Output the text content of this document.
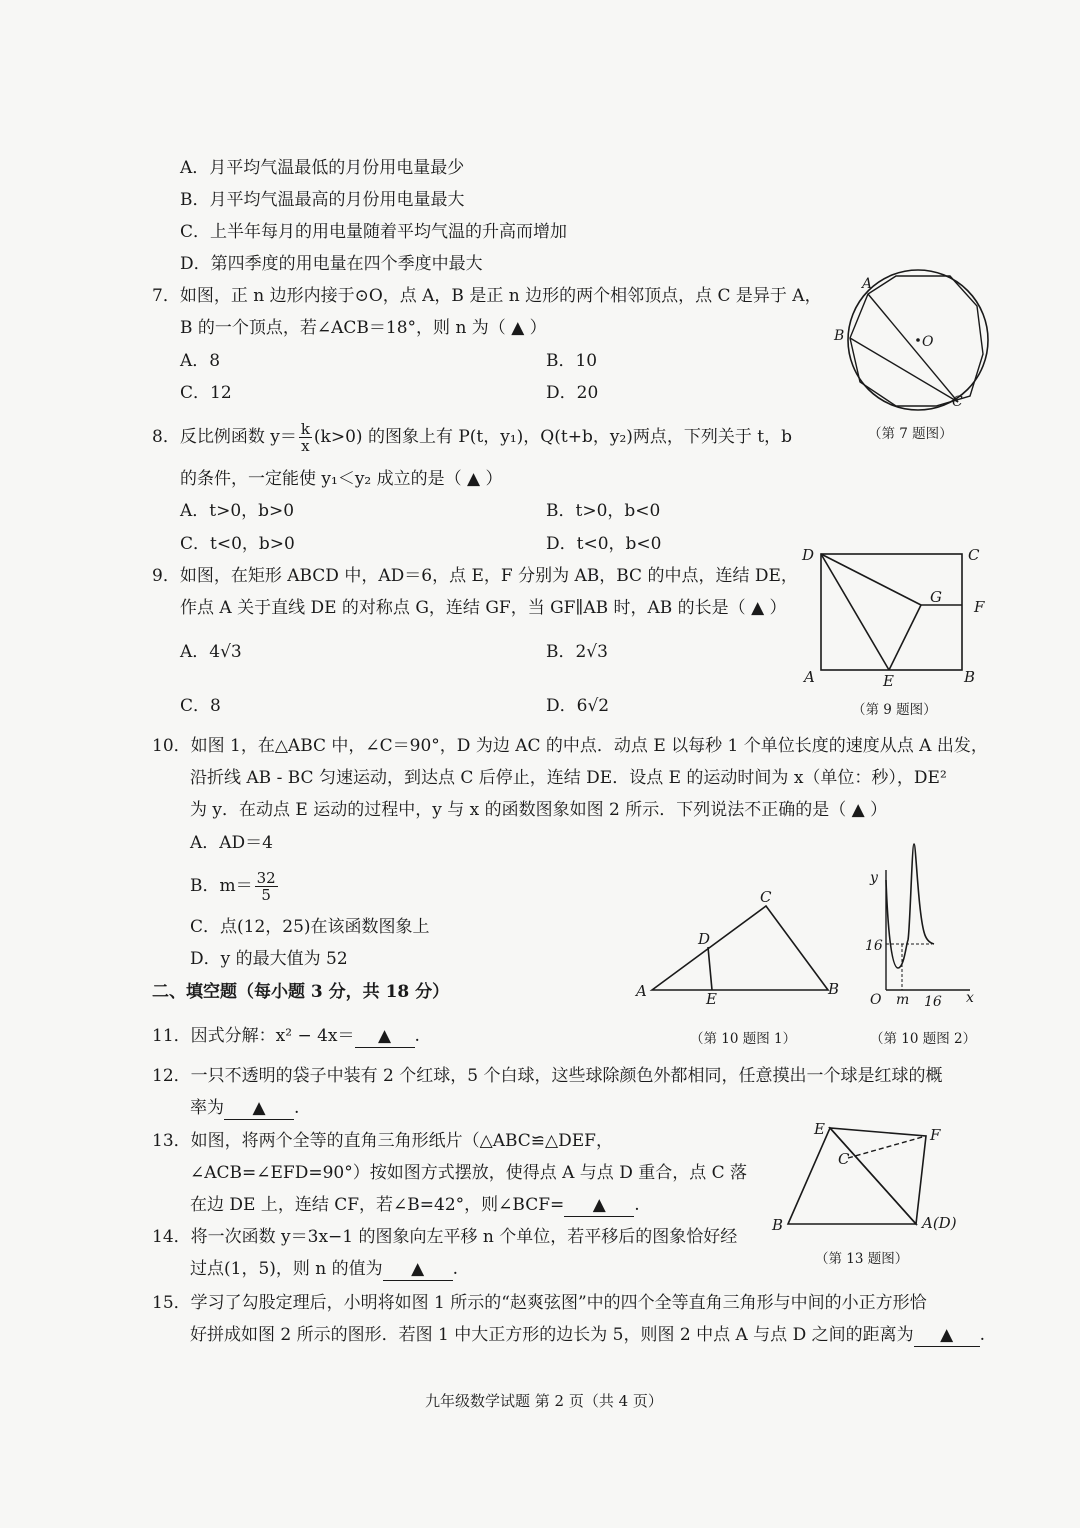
A．月平均气温最低的月份用电量最少
B．月平均气温最高的月份用电量最大
C．上半年每月的用电量随着平均气温的升高而增加
D．第四季度的用电量在四个季度中最大
7．如图，正 n 边形内接于⊙O，点 A，B 是正 n 边形的两个相邻顶点，点 C 是异于 A，
B 的一个顶点，若∠ACB＝18°，则 n 为（ ▲ ）
A．8	B．10
C．12	D．20
A
B	O
C
（第 7 题图）
8．反比例函数 $y= \frac{k}{x} (k>0)$ 的图象上有 P(t，y₁)，Q(t+b，y₂)两点，下列关于 t，b
的条件，一定能使 y₁＜y₂ 成立的是（ ▲ ）
A．t>0，b>0	B．t>0，b<0
C．t<0，b>0	D．t<0，b<0
9．如图，在矩形 ABCD 中，AD＝6，点 E，F 分别为 AB，BC 的中点，连结 DE，
作点 A 关于直线 DE 的对称点 G，连结 GF，当 GF∥AB 时，AB 的长是（ ▲ ）
A．4√3	B．2√3
C．8	D．6√2
D	C
G
F
A	E	B
（第 9 题图）
10．如图 1，在△ABC 中，∠C＝90°，D 为边 AC 的中点．动点 E 以每秒 1 个单位长度的速度从点 A 出发，
沿折线 AB - BC 匀速运动，到达点 C 后停止，连结 DE．设点 E 的运动时间为 x（单位：秒），DE²
为 y．在动点 E 运动的过程中，y 与 x 的函数图象如图 2 所示．下列说法不正确的是（ ▲ ）
A．AD＝4
B．$m= \frac{32}{5}$
C．点(12，25)在该函数图象上
D．y 的最大值为 52
C
D
A	E
B
（第 10 题图 1）
y
16
O m 16 x
（第 10 题图 2）
二、填空题（每小题 3 分，共 18 分）
11．因式分解：x² − 4x＝ ▲ .
12．一只不透明的袋子中装有 2 个红球，5 个白球，这些球除颜色外都相同，任意摸出一个球是红球的概
率为 ▲ .
13．如图，将两个全等的直角三角形纸片（△ABC≌△DEF，
∠ACB=∠EFD=90°）按如图方式摆放，使得点 A 与点 D 重合，点 C 落
在边 DE 上，连结 CF，若∠B=42°，则∠BCF= ▲ .
E	F
C
B	A(D)
（第 13 题图）
14．将一次函数 y＝3x−1 的图象向左平移 n 个单位，若平移后的图象恰好经
过点(1，5)，则 n 的值为 ▲ .
15．学习了勾股定理后，小明将如图 1 所示的“赵爽弦图”中的四个全等直角三角形与中间的小正方形恰
好拼成如图 2 所示的图形．若图 1 中大正方形的边长为 5，则图 2 中点 A 与点 D 之间的距离为 ▲ .
九年级数学试题 第 2 页（共 4 页）
